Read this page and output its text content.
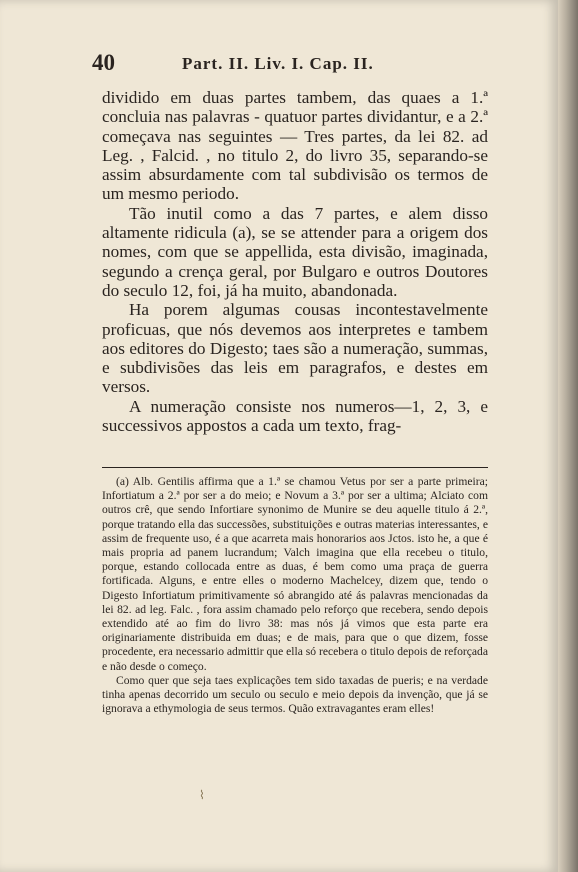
40	Part. II. Liv. I. Cap. II.

dividido em duas partes tambem, das quaes a 1.ª concluia nas palavras - quatuor partes dividantur, e a 2.ª começava nas seguintes — Tres partes, da lei 82. ad Leg. , Falcid. , no titulo 2, do livro 35, separando-se assim absurdamente com tal subdivisão os termos de um mesmo periodo.

Tão inutil como a das 7 partes, e alem disso altamente ridicula (a), se se attender para a origem dos nomes, com que se appellida, esta divisão, imaginada, segundo a crença geral, por Bulgaro e outros Doutores do seculo 12, foi, já ha muito, abandonada.

Ha porem algumas cousas incontestavelmente proficuas, que nós devemos aos interpretes e tambem aos editores do Digesto; taes são a numeração, summas, e subdivisões das leis em paragrafos, e destes em versos.

A numeração consiste nos numeros—1, 2, 3, e successivos appostos a cada um texto, frag-

(a) Alb. Gentilis affirma que a 1.ª se chamou Vetus por ser a parte primeira; Infortiatum a 2.ª por ser a do meio; e Novum a 3.ª por ser a ultima; Alciato com outros crê, que sendo Infortiare synonimo de Munire se deu aquelle titulo á 2.ª, porque tratando ella das successões, substituições e outras materias interessantes, e assim de frequente uso, é a que acarreta mais honorarios aos Jctos. isto he, a que é mais propria ad panem lucrandum; Valch imagina que ella recebeu o titulo, porque, estando collocada entre as duas, é bem como uma praça de guerra fortificada. Alguns, e entre elles o moderno Machelcey, dizem que, tendo o Digesto Infortiatum primitivamente só abrangido até ás palavras mencionadas da lei 82. ad leg. Falc. , fora assim chamado pelo reforço que recebera, sendo depois extendido até ao fim do livro 38: mas nós já vimos que esta parte era originariamente distribuida em duas; e de mais, para que o que dizem, fosse procedente, era necessario admittir que ella só recebera o titulo depois de reforçada e não desde o começo.

Como quer que seja taes explicações tem sido taxadas de pueris; e na verdade tinha apenas decorrido um seculo ou seculo e meio depois da invenção, que já se ignorava a ethymologia de seus termos. Quão extravagantes eram elles!

⌇
